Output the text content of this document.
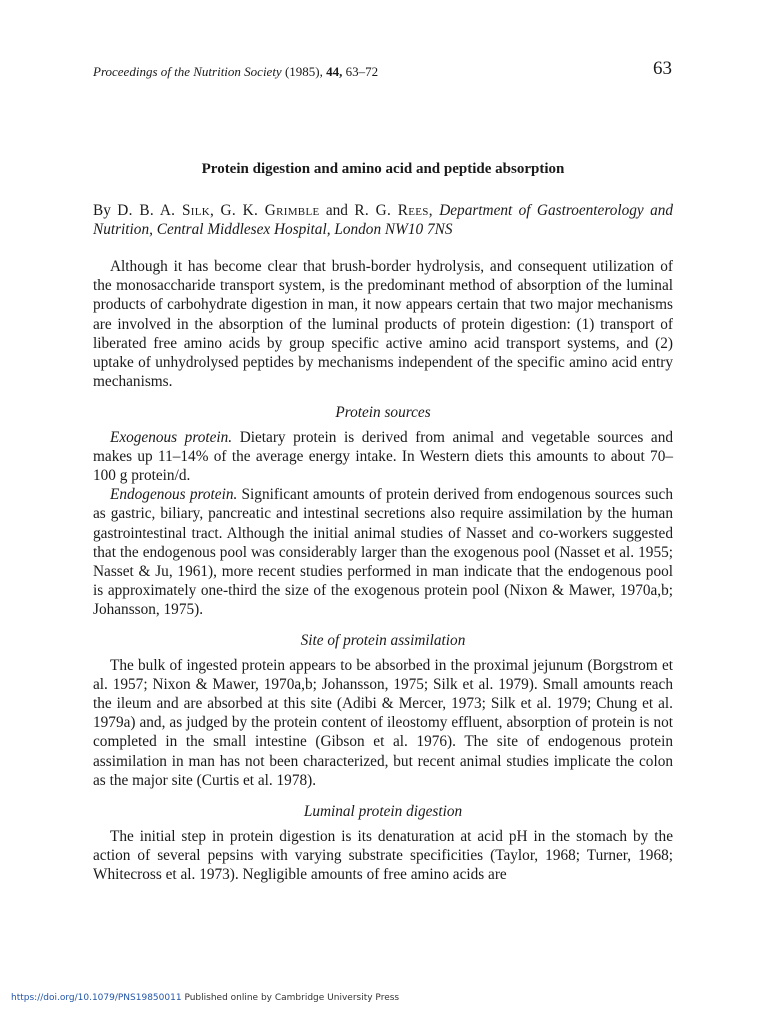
Proceedings of the Nutrition Society (1985), 44, 63–72	63
Protein digestion and amino acid and peptide absorption
By D. B. A. Silk, G. K. Grimble and R. G. Rees, Department of Gastroenterology and Nutrition, Central Middlesex Hospital, London NW10 7NS

Although it has become clear that brush-border hydrolysis, and consequent utilization of the monosaccharide transport system, is the predominant method of absorption of the luminal products of carbohydrate digestion in man, it now appears certain that two major mechanisms are involved in the absorption of the luminal products of protein digestion: (1) transport of liberated free amino acids by group specific active amino acid transport systems, and (2) uptake of unhydrolysed peptides by mechanisms independent of the specific amino acid entry mechanisms.

Protein sources

Exogenous protein. Dietary protein is derived from animal and vegetable sources and makes up 11–14% of the average energy intake. In Western diets this amounts to about 70–100 g protein/d.

Endogenous protein. Significant amounts of protein derived from endogenous sources such as gastric, biliary, pancreatic and intestinal secretions also require assimilation by the human gastrointestinal tract. Although the initial animal studies of Nasset and co-workers suggested that the endogenous pool was considerably larger than the exogenous pool (Nasset et al. 1955; Nasset & Ju, 1961), more recent studies performed in man indicate that the endogenous pool is approximately one-third the size of the exogenous protein pool (Nixon & Mawer, 1970a,b; Johansson, 1975).

Site of protein assimilation

The bulk of ingested protein appears to be absorbed in the proximal jejunum (Borgstrom et al. 1957; Nixon & Mawer, 1970a,b; Johansson, 1975; Silk et al. 1979). Small amounts reach the ileum and are absorbed at this site (Adibi & Mercer, 1973; Silk et al. 1979; Chung et al. 1979a) and, as judged by the protein content of ileostomy effluent, absorption of protein is not completed in the small intestine (Gibson et al. 1976). The site of endogenous protein assimilation in man has not been characterized, but recent animal studies implicate the colon as the major site (Curtis et al. 1978).

Luminal protein digestion

The initial step in protein digestion is its denaturation at acid pH in the stomach by the action of several pepsins with varying substrate specificities (Taylor, 1968; Turner, 1968; Whitecross et al. 1973). Negligible amounts of free amino acids are

https://doi.org/10.1079/PNS19850011 Published online by Cambridge University Press
